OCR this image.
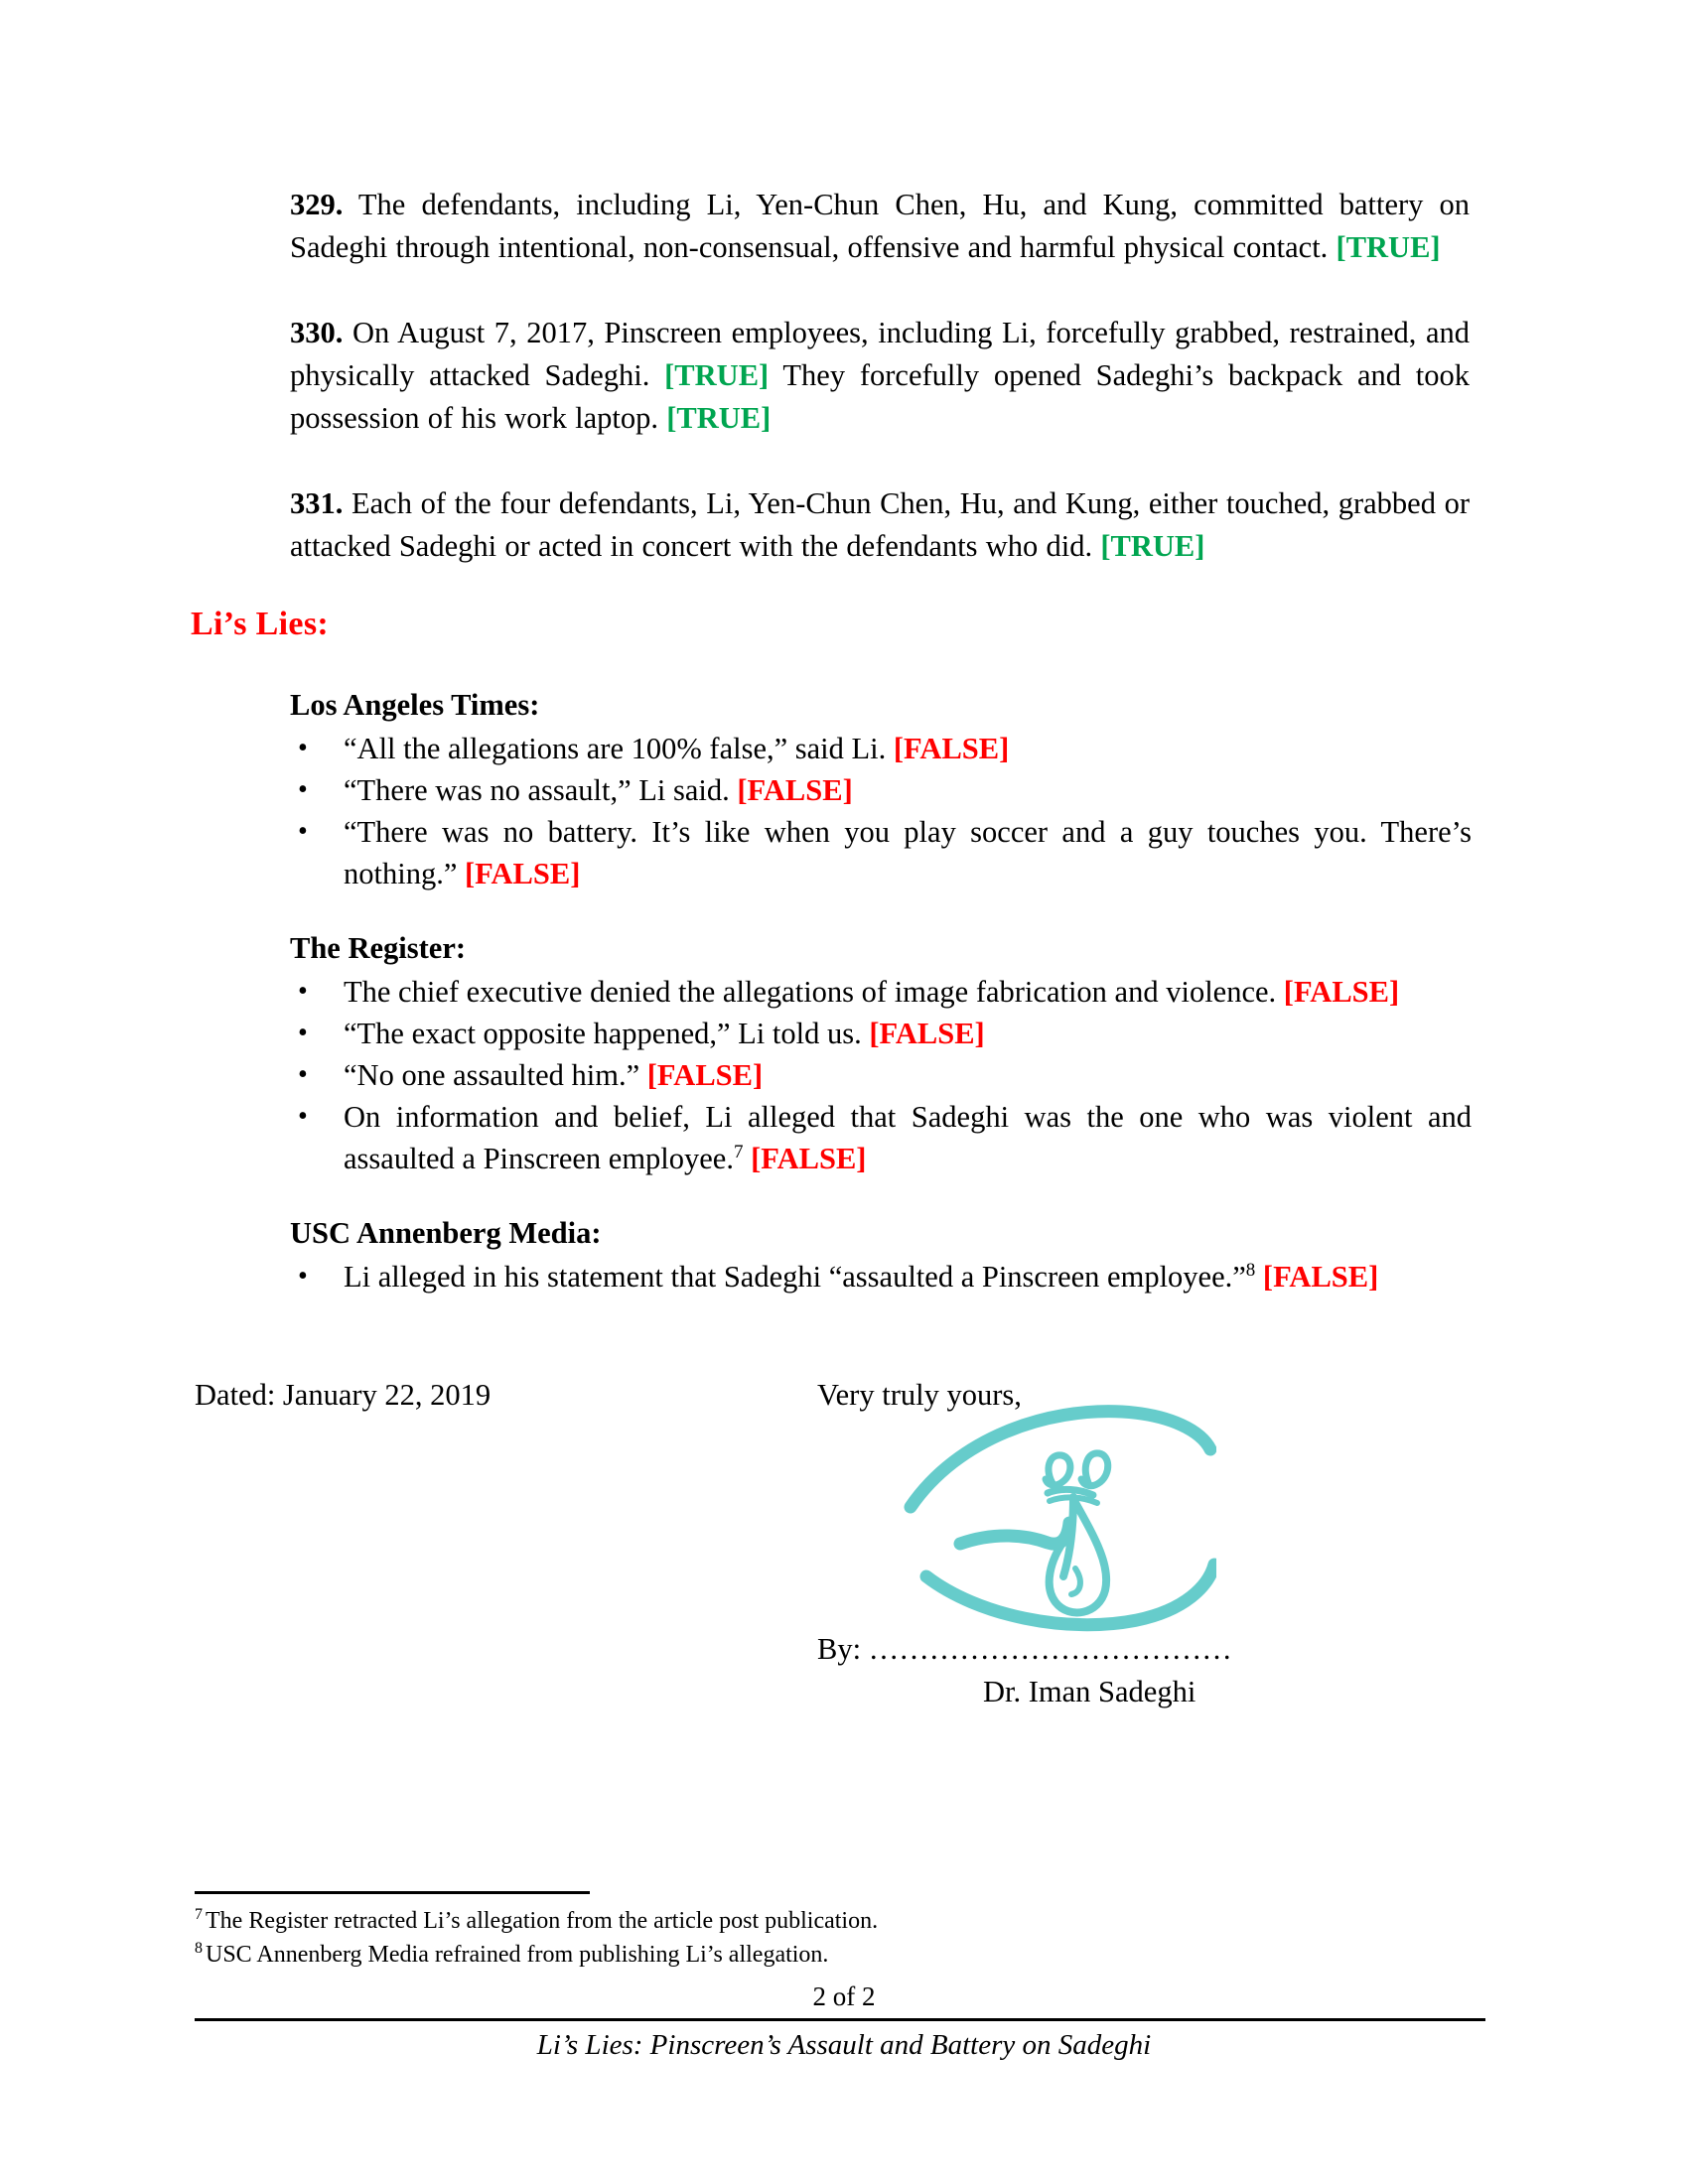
329. The defendants, including Li, Yen-Chun Chen, Hu, and Kung, committed battery on Sadeghi through intentional, non-consensual, offensive and harmful physical contact. [TRUE]

330. On August 7, 2017, Pinscreen employees, including Li, forcefully grabbed, restrained, and physically attacked Sadeghi. [TRUE] They forcefully opened Sadeghi’s backpack and took possession of his work laptop. [TRUE]

331. Each of the four defendants, Li, Yen-Chun Chen, Hu, and Kung, either touched, grabbed or attacked Sadeghi or acted in concert with the defendants who did. [TRUE]

Li’s Lies:
Los Angeles Times:
• “All the allegations are 100% false,” said Li. [FALSE]
• “There was no assault,” Li said. [FALSE]
• “There was no battery. It’s like when you play soccer and a guy touches you. There’s nothing.” [FALSE]
The Register:
• The chief executive denied the allegations of image fabrication and violence. [FALSE]
• “The exact opposite happened,” Li told us. [FALSE]
• “No one assaulted him.” [FALSE]
• On information and belief, Li alleged that Sadeghi was the one who was violent and assaulted a Pinscreen employee.$^7$ [FALSE]
USC Annenberg Media:
• Li alleged in his statement that Sadeghi “assaulted a Pinscreen employee.”$^8$ [FALSE]
Dated: January 22, 2019	Very truly yours,
By: ………………………………
Dr. Iman Sadeghi
$^7$ The Register retracted Li’s allegation from the article post publication.
$^8$ USC Annenberg Media refrained from publishing Li’s allegation.
2 of 2
Li’s Lies: Pinscreen’s Assault and Battery on Sadeghi
